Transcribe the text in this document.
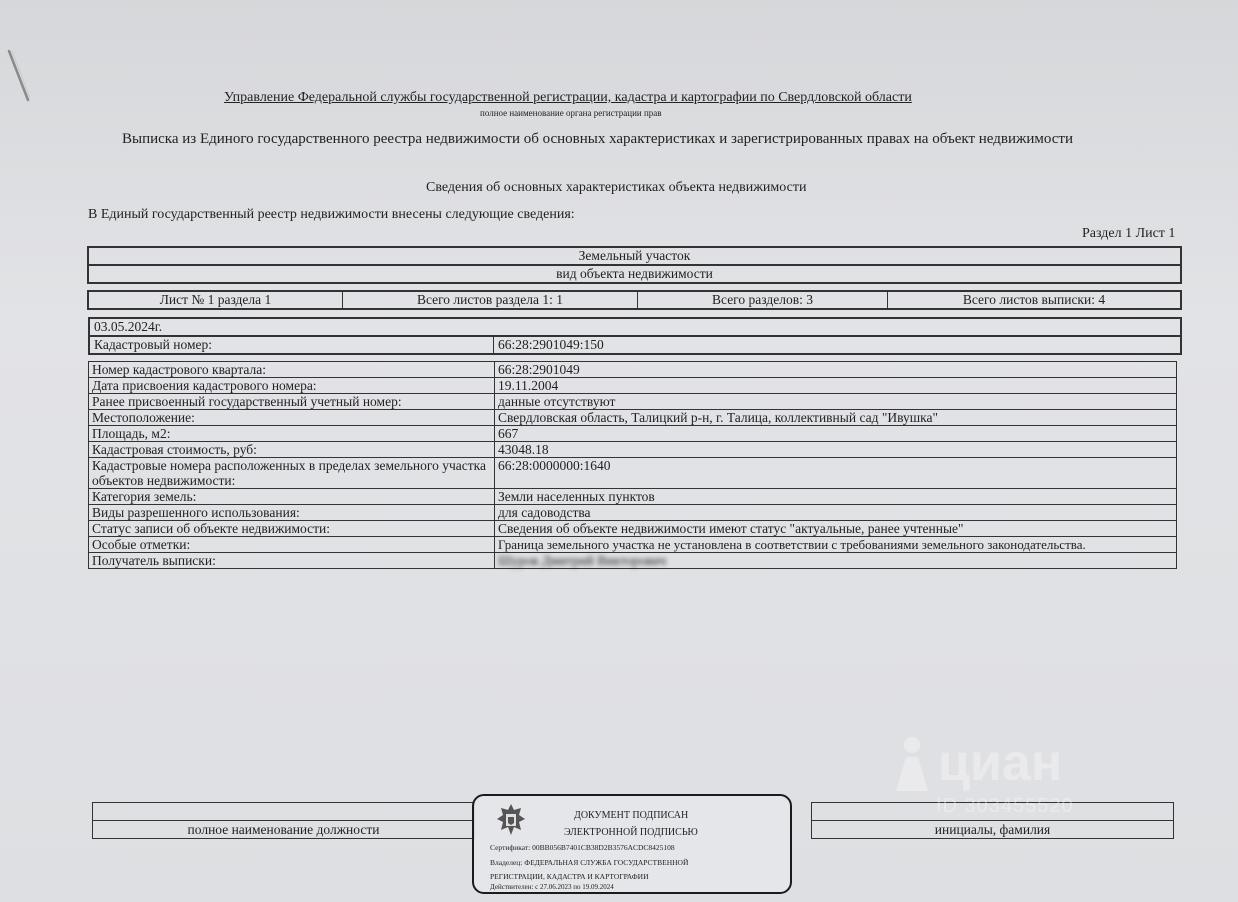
Управление Федеральной службы государственной регистрации, кадастра и картографии по Свердловской области
полное наименование органа регистрации прав
Выписка из Единого государственного реестра недвижимости об основных характеристиках и зарегистрированных правах на объект недвижимости
Сведения об основных характеристиках объекта недвижимости
В Единый государственный реестр недвижимости внесены следующие сведения:
Раздел 1 Лист 1
Земельный участок
вид объекта недвижимости
Лист № 1 раздела 1	Всего листов раздела 1: 1	Всего разделов: 3	Всего листов выписки: 4
03.05.2024г.
Кадастровый номер:	66:28:2901049:150
Номер кадастрового квартала:	66:28:2901049
Дата присвоения кадастрового номера:	19.11.2004
Ранее присвоенный государственный учетный номер:	данные отсутствуют
Местоположение:	Свердловская область, Талицкий р-н, г. Талица, коллективный сад "Ивушка"
Площадь, м2:	667
Кадастровая стоимость, руб:	43048.18
Кадастровые номера расположенных в пределах земельного участка объектов недвижимости:	66:28:0000000:1640
Категория земель:	Земли населенных пунктов
Виды разрешенного использования:	для садоводства
Статус записи об объекте недвижимости:	Сведения об объекте недвижимости имеют статус "актуальные, ранее учтенные"
Особые отметки:	Граница земельного участка не установлена в соответствии с требованиями земельного законодательства.
Получатель выписки:	Шуров Дмитрий Викторович
полное наименование должности	инициалы, фамилия
ДОКУМЕНТ ПОДПИСАН
ЭЛЕКТРОННОЙ ПОДПИСЬЮ
Сертификат: 00BB056B7401CB38D2B3576ACDC8425108
Владелец: ФЕДЕРАЛЬНАЯ СЛУЖБА ГОСУДАРСТВЕННОЙ
РЕГИСТРАЦИИ, КАДАСТРА И КАРТОГРАФИИ
Действителен: с 27.06.2023 по 19.09.2024
циан
ID 303455520
